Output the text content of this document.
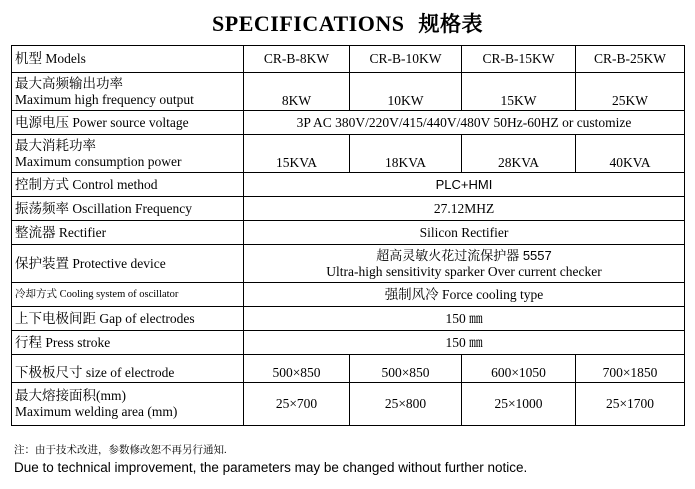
SPECIFICATIONS 规格表
机型 Models	CR-B-8KW	CR-B-10KW	CR-B-15KW	CR-B-25KW

最大高频输出功率
Maximum high frequency output	8KW	10KW	15KW	25KW
电源电压 Power source voltage	3P AC 380V/220V/415/440V/480V 50Hz-60HZ or customize			

最大消耗功率
Maximum consumption power	15KVA	18KVA	28KVA	40KVA
控制方式 Control method	PLC+HMI			
振荡频率 Oscillation Frequency	27.12MHZ			
整流器 Rectifier	Silicon Rectifier			
保护装置 Protective device	超高灵敏火花过流保护器 5557
Ultra-high sensitivity sparker Over current checker			

冷却方式 Cooling system of oscillator	强制风冷 Force cooling type			
上下电极间距 Gap of electrodes	150 ㎜			
行程 Press stroke	150 ㎜			
下极板尺寸 size of electrode	500×850	500×850	600×1050	700×1850

最大熔接面积(mm)
Maximum welding area (mm)	25×700	25×800	25×1000	25×1700
注：由于技术改进，参数修改恕不再另行通知.
Due to technical improvement, the parameters may be changed without further notice.
